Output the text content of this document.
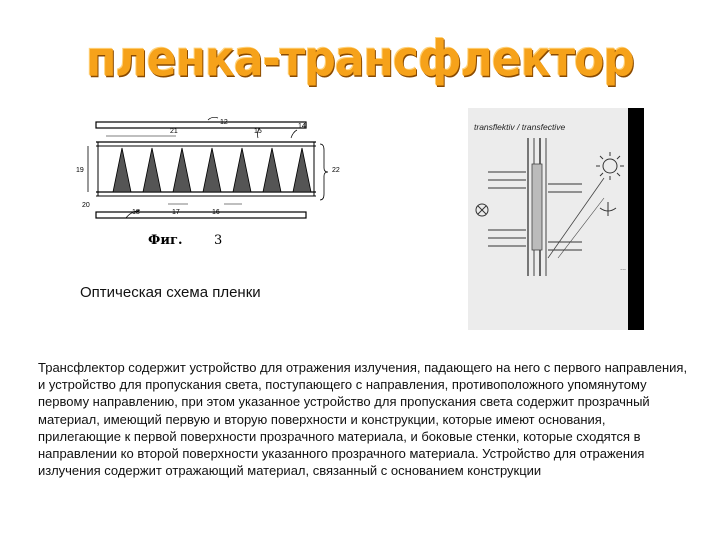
пленка-трансфлектор
12
21	15
14
19	22
20
18	17	16
Фиг. 3
Оптическая схема пленки
transflektiv / transfective
...
Трансфлектор содержит устройство для отражения излучения, падающего на него с первого направления, и устройство для пропускания света, поступающего с направления, противоположного упомянутому первому направлению, при этом указанное устройство для пропускания света содержит прозрачный материал, имеющий первую и вторую поверхности и конструкции, которые имеют основания, прилегающие к первой поверхности прозрачного материала, и боковые стенки, которые сходятся в направлении ко второй поверхности указанного прозрачного материала. Устройство для отражения излучения содержит отражающий материал, связанный с основанием конструкции
